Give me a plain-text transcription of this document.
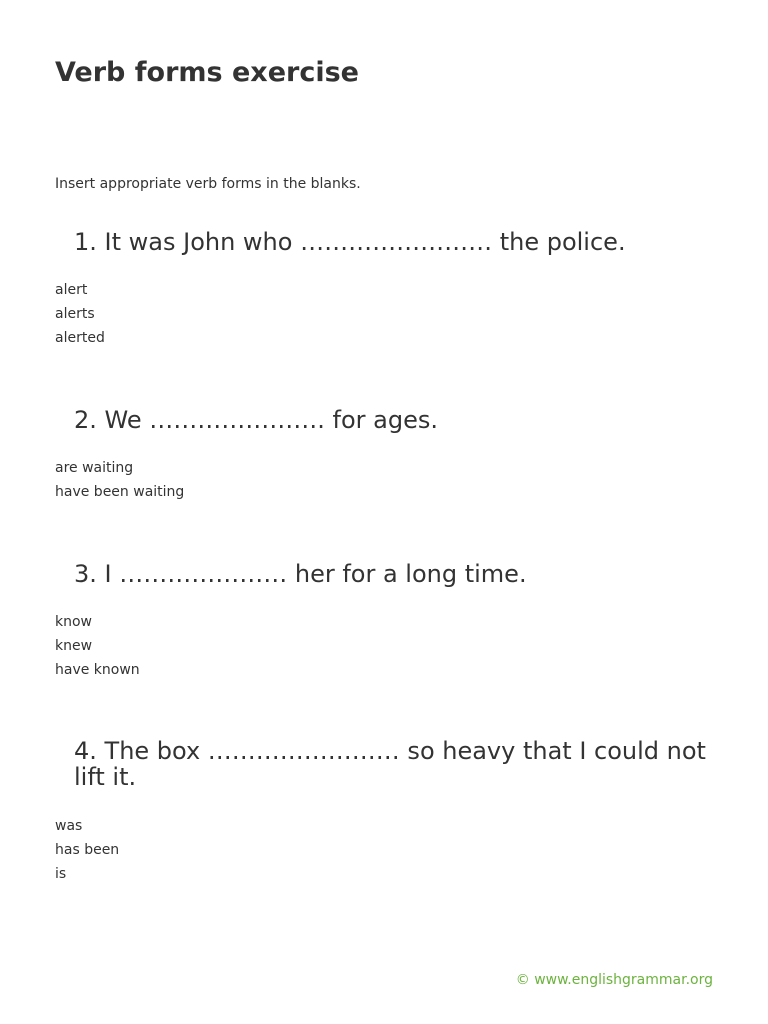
Verb forms exercise

Insert appropriate verb forms in the blanks.

1. It was John who …………………… the police.
alert
alerts
alerted
2. We …………………. for ages.
are waiting
have been waiting
3. I ………………… her for a long time.
know
knew
have known
4. The box …………………… so heavy that I could not lift it.
was
has been
is
© www.englishgrammar.org
